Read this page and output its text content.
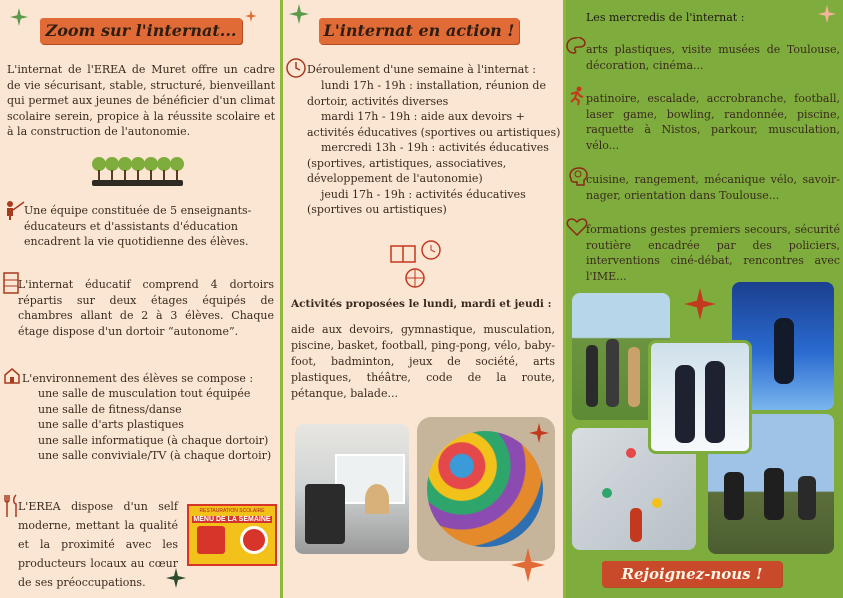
Zoom sur l'internat...
L'internat de l'EREA de Muret offre un cadre de vie sécurisant, stable, structuré, bienveillant qui permet aux jeunes de bénéficier d'un climat scolaire serein, propice à la réussite scolaire et à la construction de l'autonomie.
Une équipe constituée de 5 enseignants-éducateurs et d'assistants d'éducation encadrent la vie quotidienne des élèves.
L'internat éducatif comprend 4 dortoirs répartis sur deux étages équipés de chambres allant de 2 à 3 élèves. Chaque étage dispose d'un dortoir “autonome”.
L'environnement des élèves se compose :
une salle de musculation tout équipée
une salle de fitness/danse
une salle d'arts plastiques
une salle informatique (à chaque dortoir)
une salle conviviale/TV (à chaque dortoir)
L'EREA dispose d'un self moderne, mettant la qualité et la proximité avec les producteurs locaux au cœur de ses préoccupations.
RESTAURATION SCOLAIRE
MENU DE LA SEMAINE
L'internat en action !
Déroulement d'une semaine à l'internat :
lundi 17h - 19h : installation, réunion de dortoir, activités diverses
mardi 17h - 19h : aide aux devoirs + activités éducatives (sportives ou artistiques)
mercredi 13h - 19h : activités éducatives (sportives, artistiques, associatives, développement de l'autonomie)
jeudi 17h - 19h : activités éducatives (sportives ou artistiques)
Activités proposées le lundi, mardi et jeudi :
aide aux devoirs, gymnastique, musculation, piscine, basket, football, ping-pong, vélo, baby-foot, badminton, jeux de société, arts plastiques, théâtre, code de la route, pétanque, balade...
Les mercredis de l'internat :
arts plastiques, visite musées de Toulouse, décoration, cinéma...
patinoire, escalade, accrobranche, football, laser game, bowling, randonnée, piscine, raquette à Nistos, parkour, musculation, vélo...
cuisine, rangement, mécanique vélo, savoir-nager, orientation dans Toulouse...
formations gestes premiers secours, sécurité routière encadrée par des policiers, interventions ciné-débat, rencontres avec l'IME...
Rejoignez-nous !
